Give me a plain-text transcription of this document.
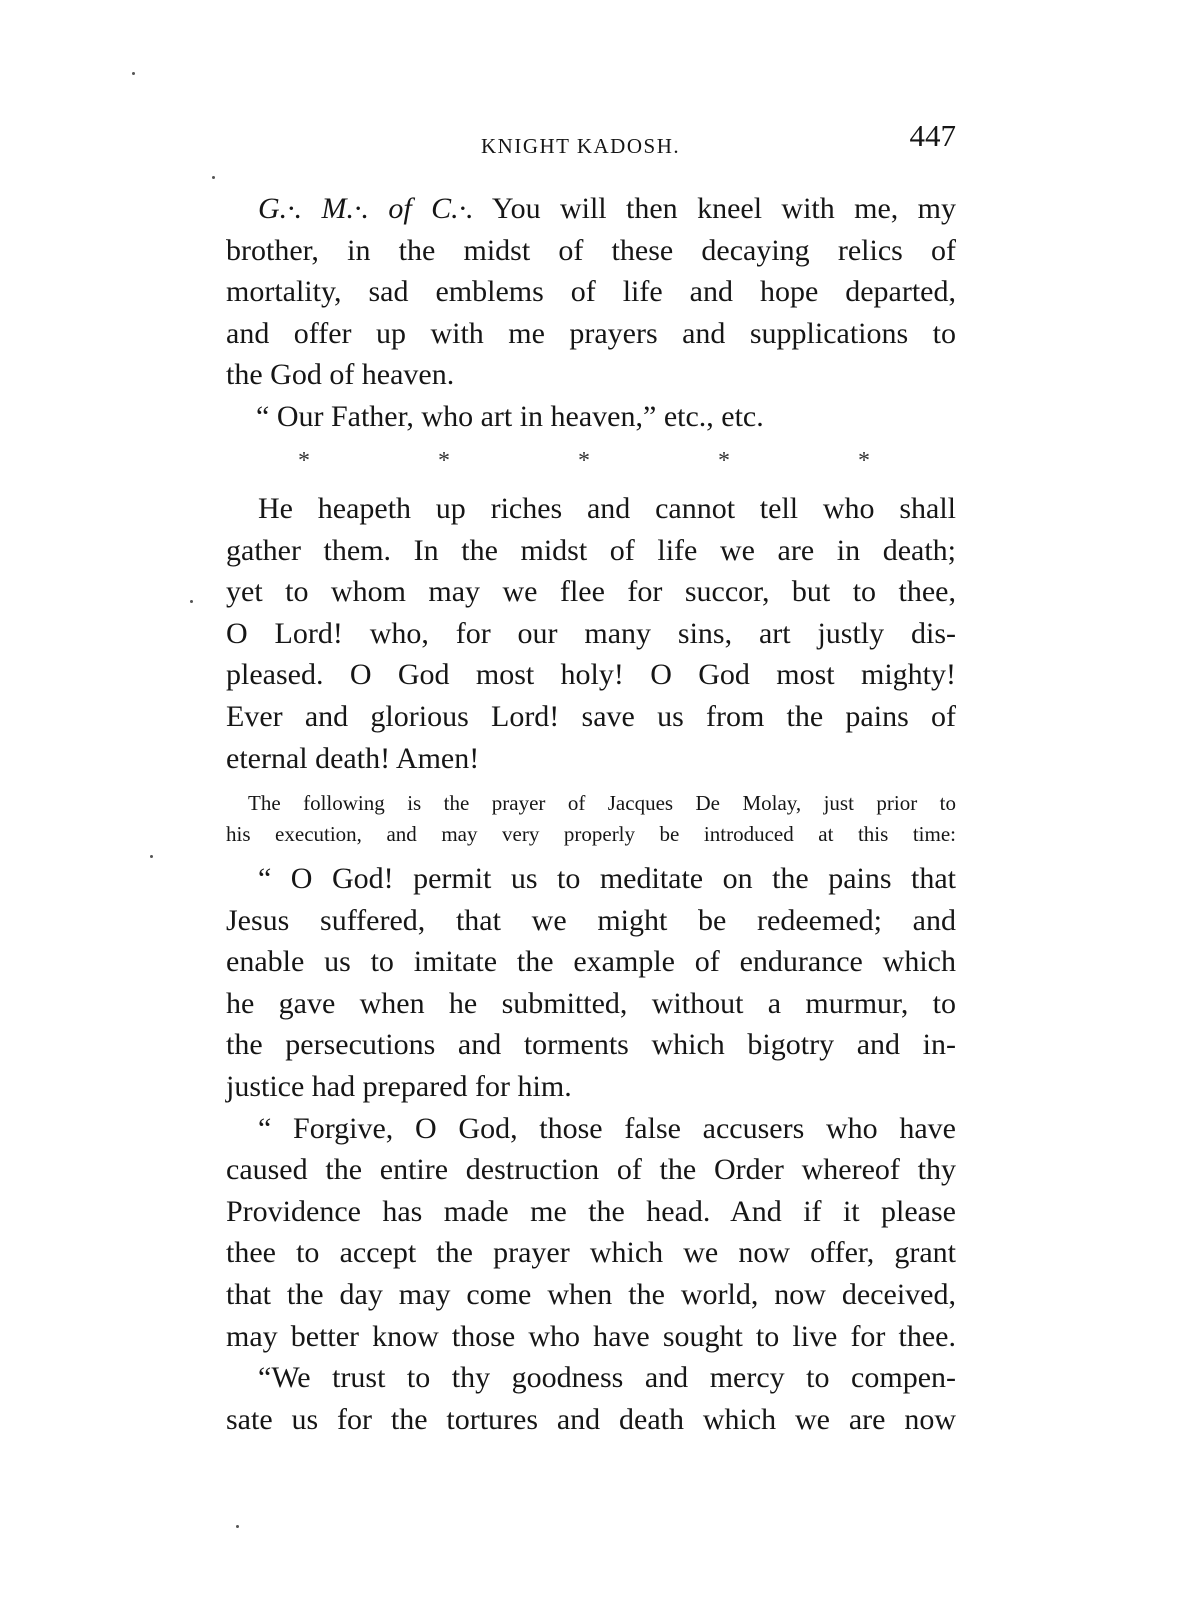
KNIGHT KADOSH.	447
G.·. M.·. of C.·. You will then kneel with me, my
brother, in the midst of these decaying relics of
mortality, sad emblems of life and hope departed,
and offer up with me prayers and supplications to
the God of heaven.
“ Our Father, who art in heaven,” etc., etc.
*	*	*	*	*
He heapeth up riches and cannot tell who shall
gather them. In the midst of life we are in death;
yet to whom may we flee for succor, but to thee,
O Lord! who, for our many sins, art justly dis-
pleased. O God most holy! O God most mighty!
Ever and glorious Lord! save us from the pains of
eternal death! Amen!
The following is the prayer of Jacques De Molay, just prior to
his execution, and may very properly be introduced at this time:
“ O God! permit us to meditate on the pains that
Jesus suffered, that we might be redeemed; and
enable us to imitate the example of endurance which
he gave when he submitted, without a murmur, to
the persecutions and torments which bigotry and in-
justice had prepared for him.
“ Forgive, O God, those false accusers who have
caused the entire destruction of the Order whereof thy
Providence has made me the head. And if it please
thee to accept the prayer which we now offer, grant
that the day may come when the world, now deceived,
may better know those who have sought to live for thee.
“We trust to thy goodness and mercy to compen-
sate us for the tortures and death which we are now
